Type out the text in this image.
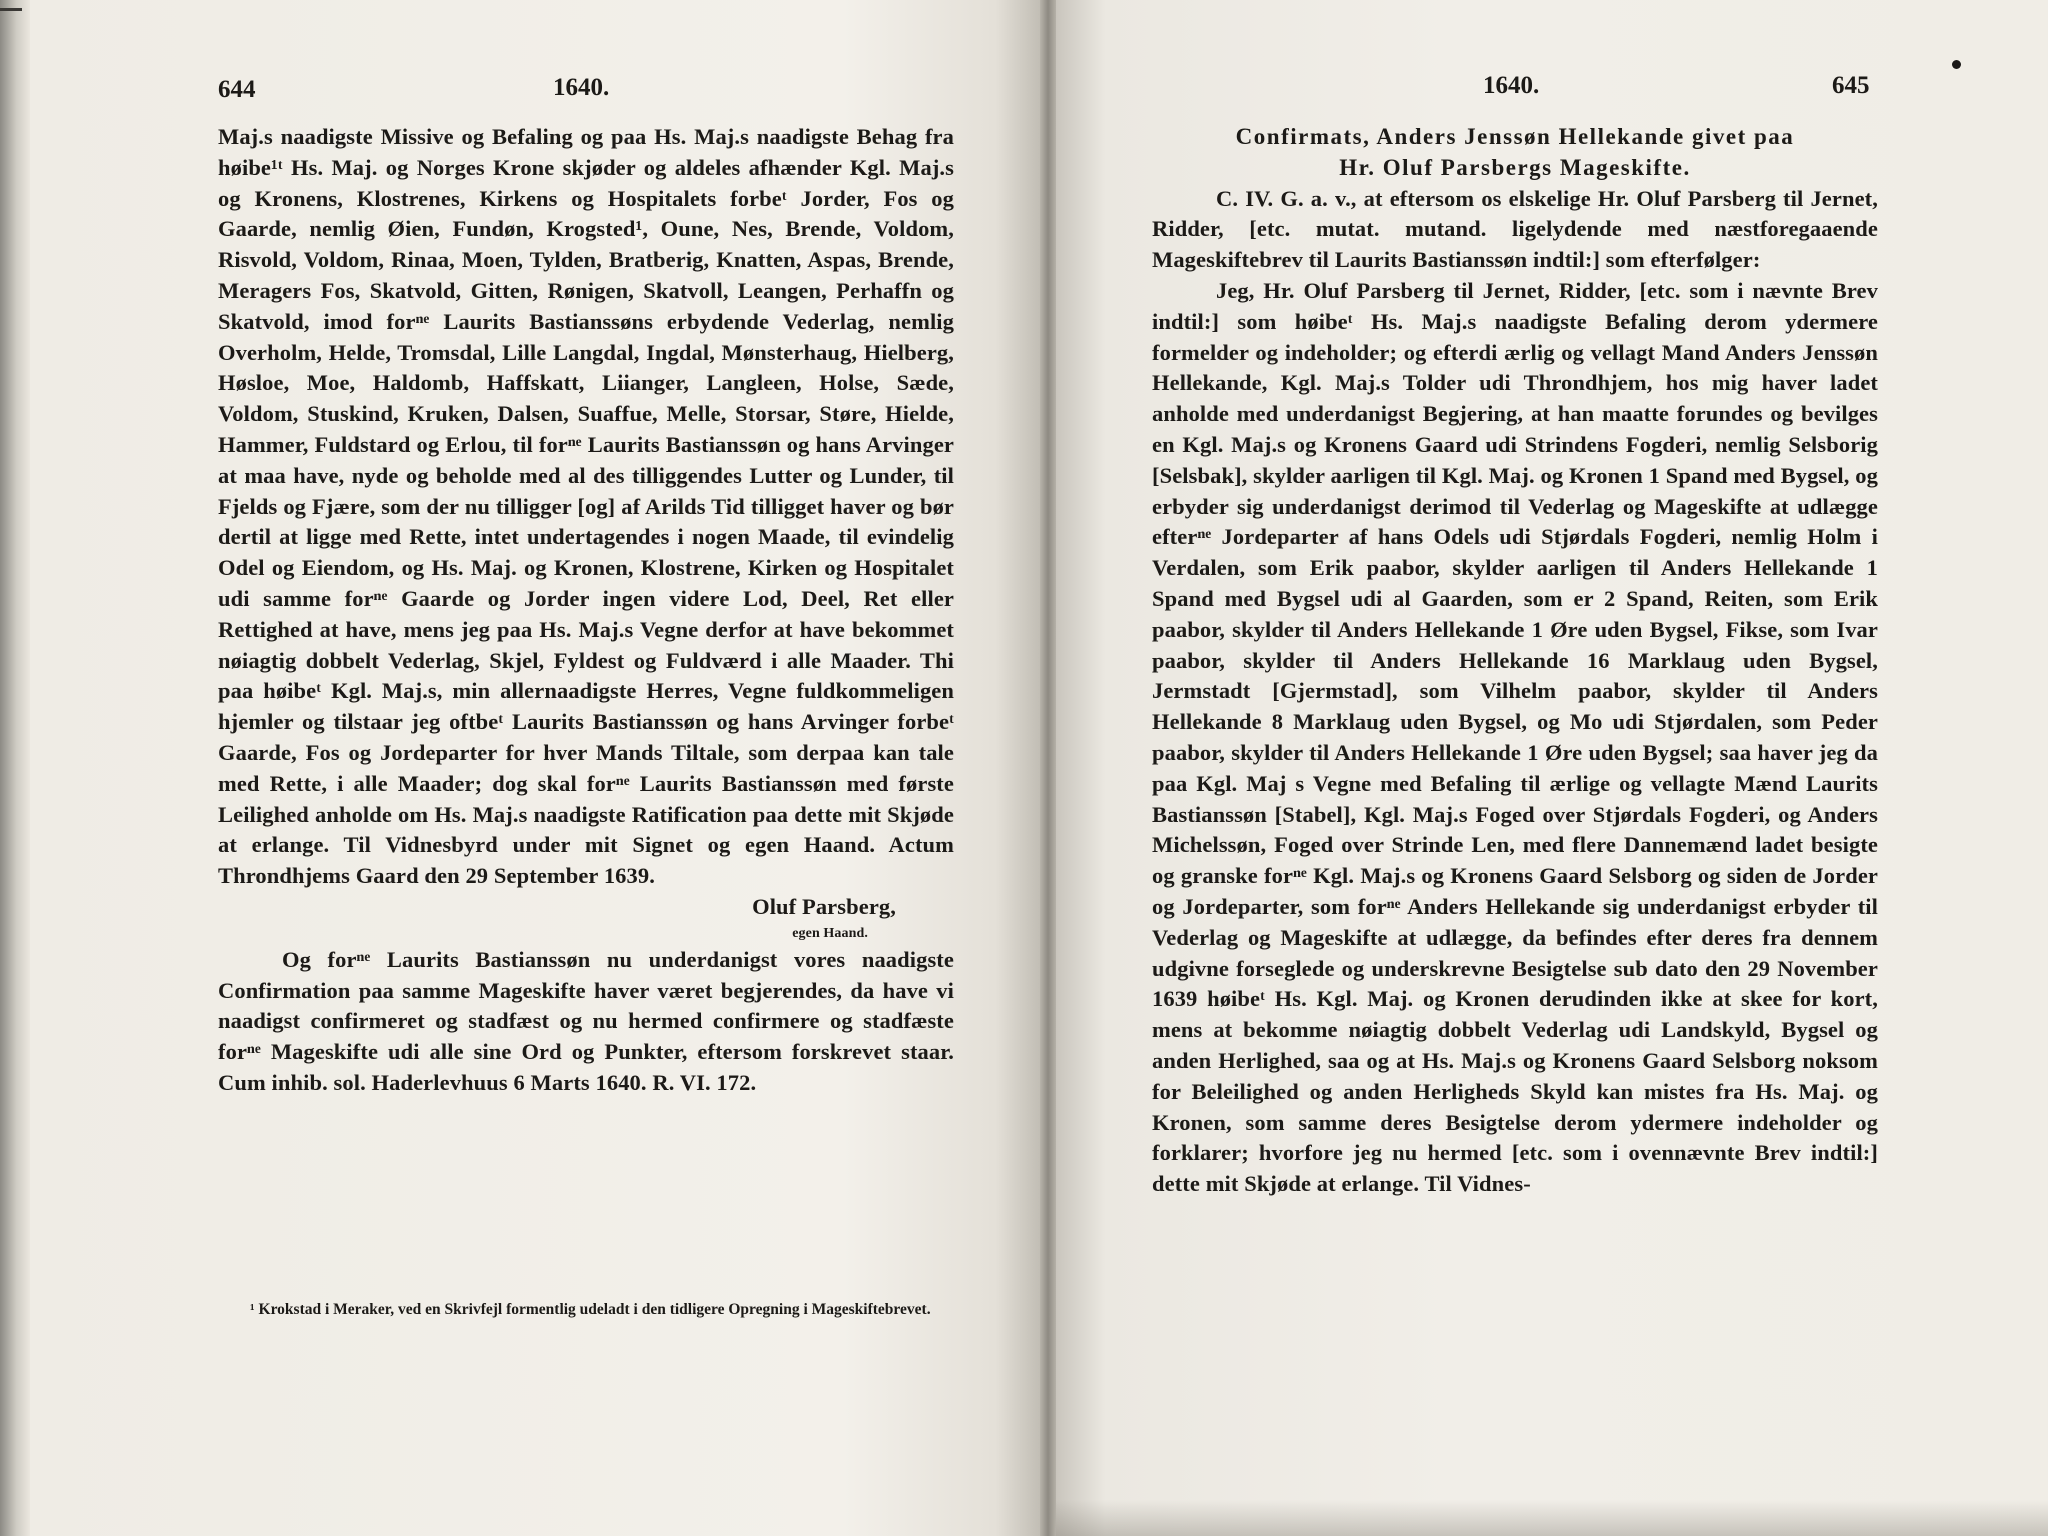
644	1640.

Maj.s naadigste Missive og Befaling og paa Hs. Maj.s naadigste Behag fra høibe¹ᵗ Hs. Maj. og Norges Krone skjøder og aldeles afhænder Kgl. Maj.s og Kronens, Klostrenes, Kirkens og Hospitalets forbeᵗ Jorder, Fos og Gaarde, nemlig Øien, Fundøn, Krogsted¹, Oune, Nes, Brende, Voldom, Risvold, Voldom, Rinaa, Moen, Tylden, Bratberig, Knatten, Aspas, Brende, Meragers Fos, Skatvold, Gitten, Rønigen, Skatvoll, Leangen, Perhaffn og Skatvold, imod forⁿᵉ Laurits Bastianssøns erbydende Vederlag, nemlig Overholm, Helde, Tromsdal, Lille Langdal, Ingdal, Mønsterhaug, Hielberg, Høsloe, Moe, Haldomb, Haffskatt, Liianger, Langleen, Holse, Sæde, Voldom, Stuskind, Kruken, Dalsen, Suaffue, Melle, Storsar, Støre, Hielde, Hammer, Fuldstard og Erlou, til forⁿᵉ Laurits Bastianssøn og hans Arvinger at maa have, nyde og beholde med al des tilliggendes Lutter og Lunder, til Fjelds og Fjære, som der nu tilligger [og] af Arilds Tid tilligget haver og bør dertil at ligge med Rette, intet undertagendes i nogen Maade, til evindelig Odel og Eiendom, og Hs. Maj. og Kronen, Klostrene, Kirken og Hospitalet udi samme forⁿᵉ Gaarde og Jorder ingen videre Lod, Deel, Ret eller Rettighed at have, mens jeg paa Hs. Maj.s Vegne derfor at have bekommet nøiagtig dobbelt Vederlag, Skjel, Fyldest og Fuldværd i alle Maader. Thi paa høibeᵗ Kgl. Maj.s, min allernaadigste Herres, Vegne fuldkommeligen hjemler og tilstaar jeg oftbeᵗ Laurits Bastianssøn og hans Arvinger forbeᵗ Gaarde, Fos og Jordeparter for hver Mands Tiltale, som derpaa kan tale med Rette, i alle Maader; dog skal forⁿᵉ Laurits Bastianssøn med første Leilighed anholde om Hs. Maj.s naadigste Ratification paa dette mit Skjøde at erlange. Til Vidnesbyrd under mit Signet og egen Haand. Actum Throndhjems Gaard den 29 September 1639.

Oluf Parsberg,

egen Haand.

Og forⁿᵉ Laurits Bastianssøn nu underdanigst vores naadigste Confirmation paa samme Mageskifte haver været begjerendes, da have vi naadigst confirmeret og stadfæst og nu hermed confirmere og stadfæste forⁿᵉ Mageskifte udi alle sine Ord og Punkter, eftersom forskrevet staar. Cum inhib. sol. Haderlevhuus 6 Marts 1640. R. VI. 172.

¹ Krokstad i Meraker, ved en Skrivfejl formentlig udeladt i den tidligere Opregning i Mageskiftebrevet.
1640.	645

Confirmats, Anders Jenssøn Hellekande givet paa

Hr. Oluf Parsbergs Mageskifte.

C. IV. G. a. v., at eftersom os elskelige Hr. Oluf Parsberg til Jernet, Ridder, [etc. mutat. mutand. ligelydende med næstforegaaende Mageskiftebrev til Laurits Bastianssøn indtil:] som efterfølger:

Jeg, Hr. Oluf Parsberg til Jernet, Ridder, [etc. som i nævnte Brev indtil:] som høibeᵗ Hs. Maj.s naadigste Befaling derom ydermere formelder og indeholder; og efterdi ærlig og vellagt Mand Anders Jenssøn Hellekande, Kgl. Maj.s Tolder udi Throndhjem, hos mig haver ladet anholde med underdanigst Begjering, at han maatte forundes og bevilges en Kgl. Maj.s og Kronens Gaard udi Strindens Fogderi, nemlig Selsborig [Selsbak], skylder aarligen til Kgl. Maj. og Kronen 1 Spand med Bygsel, og erbyder sig underdanigst derimod til Vederlag og Mageskifte at udlægge efterⁿᵉ Jordeparter af hans Odels udi Stjørdals Fogderi, nemlig Holm i Verdalen, som Erik paabor, skylder aarligen til Anders Hellekande 1 Spand med Bygsel udi al Gaarden, som er 2 Spand, Reiten, som Erik paabor, skylder til Anders Hellekande 1 Øre uden Bygsel, Fikse, som Ivar paabor, skylder til Anders Hellekande 16 Marklaug uden Bygsel, Jermstadt [Gjermstad], som Vilhelm paabor, skylder til Anders Hellekande 8 Marklaug uden Bygsel, og Mo udi Stjørdalen, som Peder paabor, skylder til Anders Hellekande 1 Øre uden Bygsel; saa haver jeg da paa Kgl. Maj s Vegne med Befaling til ærlige og vellagte Mænd Laurits Bastianssøn [Stabel], Kgl. Maj.s Foged over Stjørdals Fogderi, og Anders Michelssøn, Foged over Strinde Len, med flere Dannemænd ladet besigte og granske forⁿᵉ Kgl. Maj.s og Kronens Gaard Selsborg og siden de Jorder og Jordeparter, som forⁿᵉ Anders Hellekande sig underdanigst erbyder til Vederlag og Mageskifte at udlægge, da befindes efter deres fra dennem udgivne forseglede og underskrevne Besigtelse sub dato den 29 November 1639 høibeᵗ Hs. Kgl. Maj. og Kronen derudinden ikke at skee for kort, mens at bekomme nøiagtig dobbelt Vederlag udi Landskyld, Bygsel og anden Herlighed, saa og at Hs. Maj.s og Kronens Gaard Selsborg noksom for Beleilighed og anden Herligheds Skyld kan mistes fra Hs. Maj. og Kronen, som samme deres Besigtelse derom ydermere indeholder og forklarer; hvorfore jeg nu hermed [etc. som i ovennævnte Brev indtil:] dette mit Skjøde at erlange. Til Vidnes-
